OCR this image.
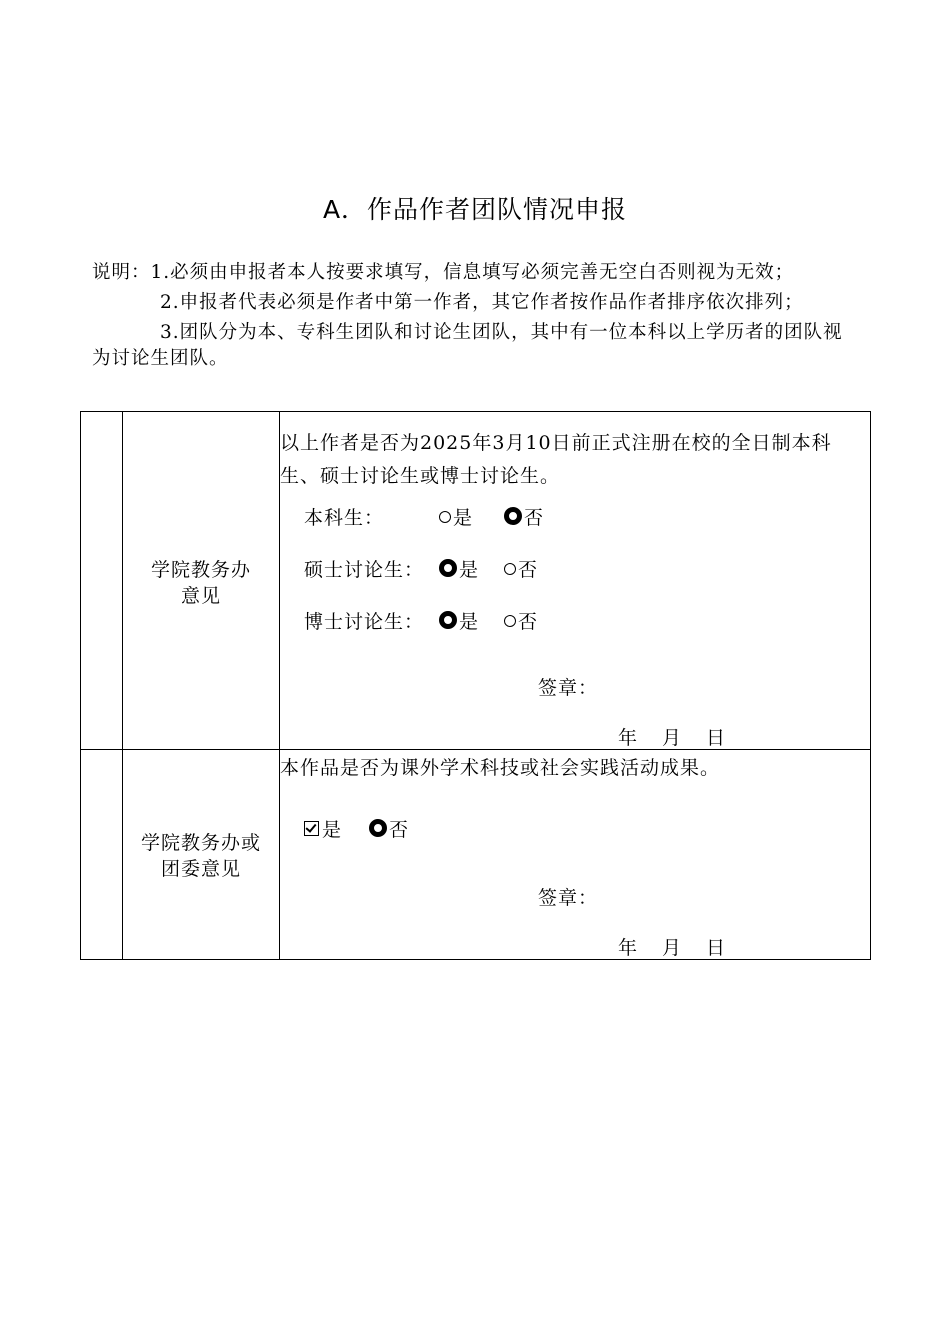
A．作品作者团队情况申报

说明：1.必须由申报者本人按要求填写，信息填写必须完善无空白否则视为无效；

2.申报者代表必须是作者中第一作者，其它作者按作品作者排序依次排列；

3.团队分为本、专科生团队和讨论生团队，其中有一位本科以上学历者的团队视为讨论生团队。

学院教务办
意见
以上作者是否为2025年3月10日前正式注册在校的全日制本科生、硕士讨论生或博士讨论生。
本科生：	是	否
硕士讨论生：	是	否
博士讨论生：	是	否
签章：
年 月 日
学院教务办或
团委意见
本作品是否为课外学术科技或社会实践活动成果。
是	否
签章：
年 月 日
